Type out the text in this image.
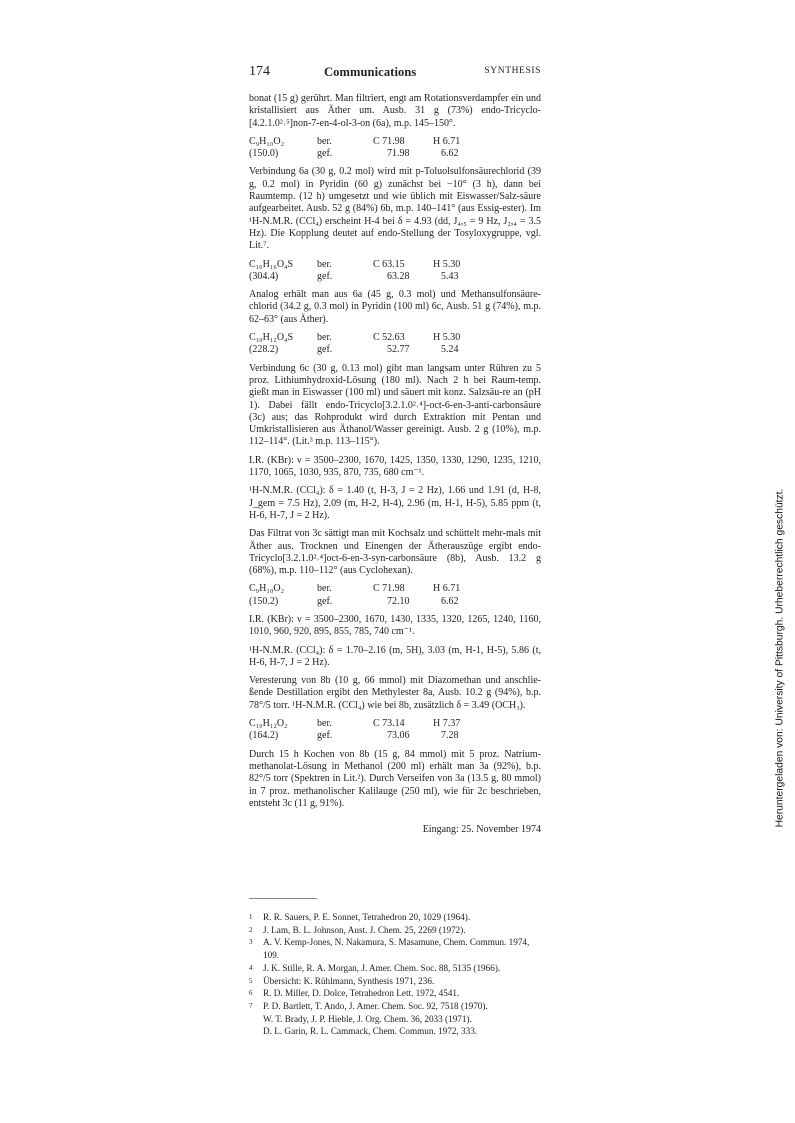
174	Communications	SYNTHESIS

bonat (15 g) gerührt. Man filtriert, engt am Rotationsverdampfer ein und kristallisiert aus Äther um. Ausb. 31 g (73%) endo-Tricyclo-[4.2.1.0²˒⁵]non-7-en-4-ol-3-on (6a), m.p. 145–150°.

C₉H₁₀O₂	ber.	C 71.98	H 6.71
(150.0)	gef.	71.98	6.62

Verbindung 6a (30 g, 0.2 mol) wird mit p-Toluolsulfonsäurechlorid (39 g, 0.2 mol) in Pyridin (60 g) zunächst bei −10° (3 h), dann bei Raumtemp. (12 h) umgesetzt und wie üblich mit Eiswasser/Salz-säure aufgearbeitet. Ausb. 52 g (84%) 6b, m.p. 140–141° (aus Essig-ester). Im ¹H-N.M.R. (CCl₄) erscheint H-4 bei δ = 4.93 (dd, J₄,₅ = 9 Hz, J₂,₄ = 3.5 Hz). Die Kopplung deutet auf endo-Stellung der Tosyloxygruppe, vgl. Lit.⁷.

C₁₆H₁₆O₄S	ber.	C 63.15	H 5.30
(304.4)	gef.	63.28	5.43

Analog erhält man aus 6a (45 g, 0.3 mol) und Methansulfonsäure-chlorid (34.2 g, 0.3 mol) in Pyridin (100 ml) 6c, Ausb. 51 g (74%), m.p. 62–63° (aus Äther).

C₁₀H₁₂O₄S	ber.	C 52.63	H 5.30
(228.2)	gef.	52.77	5.24

Verbindung 6c (30 g, 0.13 mol) gibt man langsam unter Rühren zu 5 proz. Lithiumhydroxid-Lösung (180 ml). Nach 2 h bei Raum-temp. gießt man in Eiswasser (100 ml) und säuert mit konz. Salzsäu-re an (pH 1). Dabei fällt endo-Tricyclo[3.2.1.0²˒⁴]-oct-6-en-3-anti-carbonsäure (3c) aus; das Rohprodukt wird durch Extraktion mit Pentan und Umkristallisieren aus Äthanol/Wasser gereinigt. Ausb. 2 g (10%), m.p. 112–114°. (Lit.³ m.p. 113–115°).

I.R. (KBr): ν = 3500–2300, 1670, 1425, 1350, 1330, 1290, 1235, 1210, 1170, 1065, 1030, 935, 870, 735, 680 cm⁻¹.

¹H-N.M.R. (CCl₄): δ = 1.40 (t, H-3, J = 2 Hz), 1.66 und 1.91 (d, H-8, J_gem = 7.5 Hz), 2.09 (m, H-2, H-4), 2.96 (m, H-1, H-5), 5.85 ppm (t, H-6, H-7, J = 2 Hz).

Das Filtrat von 3c sättigt man mit Kochsalz und schüttelt mehr-mals mit Äther aus. Trocknen und Einengen der Ätherauszüge ergibt endo-Tricyclo[3.2.1.0²˒⁴]oct-6-en-3-syn-carbonsäure (8b), Ausb. 13.2 g (68%), m.p. 110–112° (aus Cyclohexan).

C₉H₁₀O₂	ber.	C 71.98	H 6.71
(150.2)	gef.	72.10	6.62

I.R. (KBr): ν = 3500–2300, 1670, 1430, 1335, 1320, 1265, 1240, 1160, 1010, 960, 920, 895, 855, 785, 740 cm⁻¹.

¹H-N.M.R. (CCl₄): δ = 1.70–2.16 (m, 5H), 3.03 (m, H-1, H-5), 5.86 (t, H-6, H-7, J = 2 Hz).

Veresterung von 8b (10 g, 66 mmol) mit Diazomethan und anschlie-ßende Destillation ergibt den Methylester 8a, Ausb. 10.2 g (94%), b.p. 78°/5 torr. ¹H-N.M.R. (CCl₄) wie bei 8b, zusätzlich δ = 3.49 (OCH₃).

C₁₀H₁₂O₂	ber.	C 73.14	H 7.37
(164.2)	gef.	73.06	7.28

Durch 15 h Kochen von 8b (15 g, 84 mmol) mit 5 proz. Natrium-methanolat-Lösung in Methanol (200 ml) erhält man 3a (92%), b.p. 82°/5 torr (Spektren in Lit.²). Durch Verseifen von 3a (13.5 g, 80 mmol) in 7 proz. methanolischer Kalilauge (250 ml), wie für 2c beschrieben, entsteht 3c (11 g, 91%).

Eingang: 25. November 1974
1 R. R. Sauers, P. E. Sonnet, Tetrahedron 20, 1029 (1964).
2 J. Lam, B. L. Johnson, Aust. J. Chem. 25, 2269 (1972).
3 A. V. Kemp-Jones, N. Nakamura, S. Masamune, Chem. Commun. 1974, 109.
4 J. K. Stille, R. A. Morgan, J. Amer. Chem. Soc. 88, 5135 (1966).
5 Übersicht: K. Rühlmann, Synthesis 1971, 236.
6 R. D. Miller, D. Dolce, Tetrahedron Lett. 1972, 4541.
7 P. D. Bartlett, T. Ando, J. Amer. Chem. Soc. 92, 7518 (1970).
W. T. Brady, J. P. Hieble, J. Org. Chem. 36, 2033 (1971).
D. L. Garin, R. L. Cammack, Chem. Commun. 1972, 333.
Heruntergeladen von: University of Pittsburgh. Urheberrechtlich geschützt.
